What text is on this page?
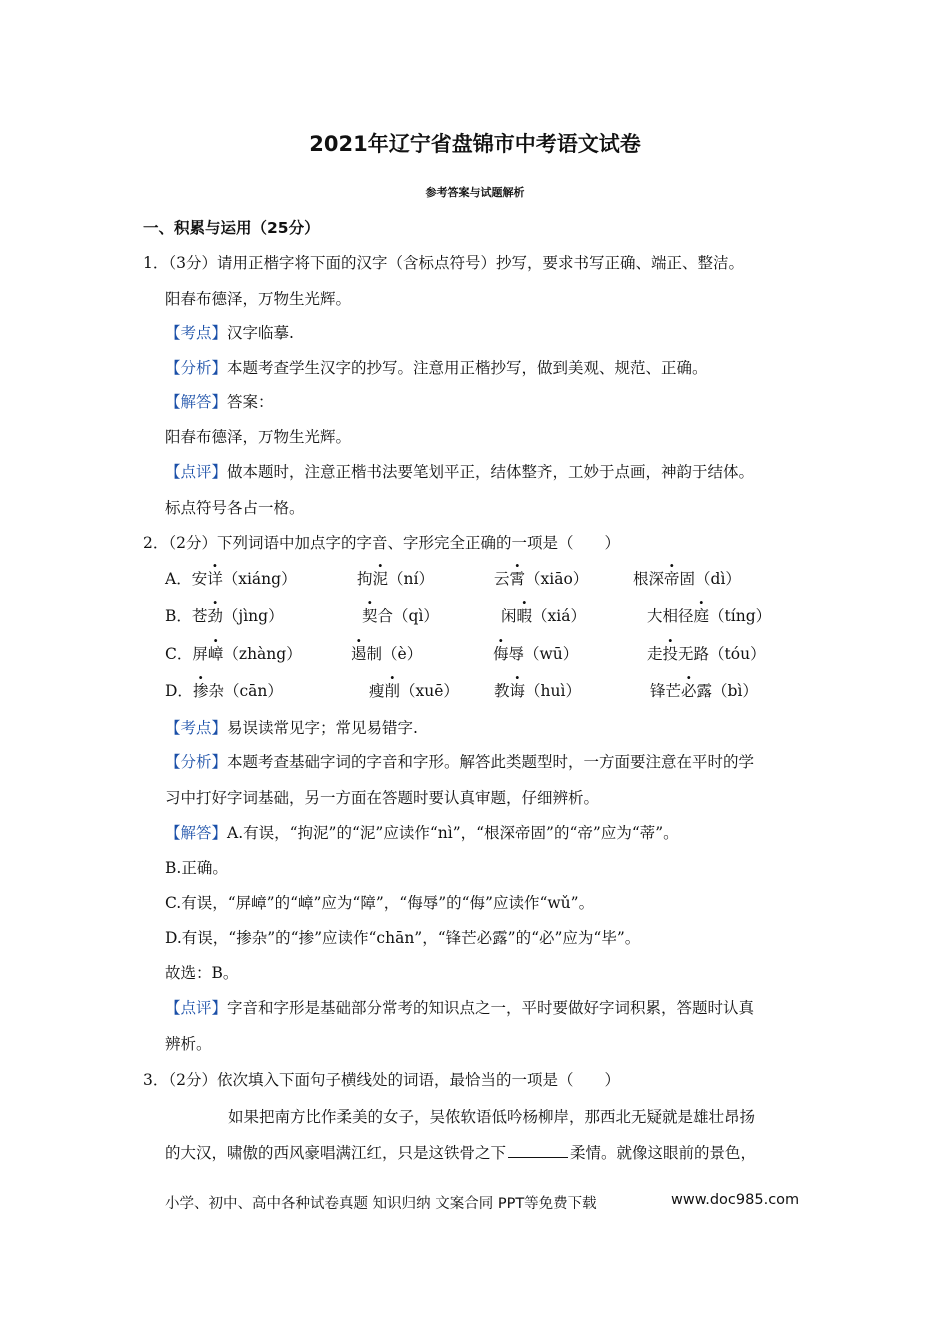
2021年辽宁省盘锦市中考语文试卷
参考答案与试题解析
一、积累与运用（25分）
1．（3分）请用正楷字将下面的汉字（含标点符号）抄写，要求书写正确、端正、整洁。
阳春布德泽，万物生光辉。
【考点】汉字临摹.
【分析】本题考查学生汉字的抄写。注意用正楷抄写，做到美观、规范、正确。
【解答】答案：
阳春布德泽，万物生光辉。
【点评】做本题时，注意正楷书法要笔划平正，结体整齐，工妙于点画，神韵于结体。
标点符号各占一格。
2．（2分）下列词语中加点字的字音、字形完全正确的一项是（　　）
A．安详（xiáng）	拘泥（ní）	云霄（xiāo）	根深帝固（dì）
B．苍劲（jìng）	契合（qì）	闲暇（xiá）	大相径庭（tíng）
C．屏嶂（zhàng）	遏制（è）	侮辱（wū）	走投无路（tóu）
D．掺杂（cān）	瘦削（xuē） 教诲（huì）	锋芒必露（bì）
【考点】易误读常见字；常见易错字.
【分析】本题考查基础字词的字音和字形。解答此类题型时，一方面要注意在平时的学
习中打好字词基础，另一方面在答题时要认真审题，仔细辨析。
【解答】A.有误，“拘泥”的“泥”应读作“nì”，“根深帝固”的“帝”应为“蒂”。
B.正确。
C.有误，“屏嶂”的“嶂”应为“障”，“侮辱”的“侮”应读作“wǔ”。
D.有误，“掺杂”的“掺”应读作“chān”，“锋芒必露”的“必”应为“毕”。
故选：B。
【点评】字音和字形是基础部分常考的知识点之一，平时要做好字词积累，答题时认真
辨析。
3．（2分）依次填入下面句子横线处的词语，最恰当的一项是（　　）
如果把南方比作柔美的女子，吴侬软语低吟杨柳岸，那西北无疑就是雄壮昂扬
的大汉，啸傲的西风豪唱满江红，只是这铁骨之下	柔情。就像这眼前的景色，
小学、初中、高中各种试卷真题 知识归纳 文案合同 PPT等免费下载	www.doc985.com
